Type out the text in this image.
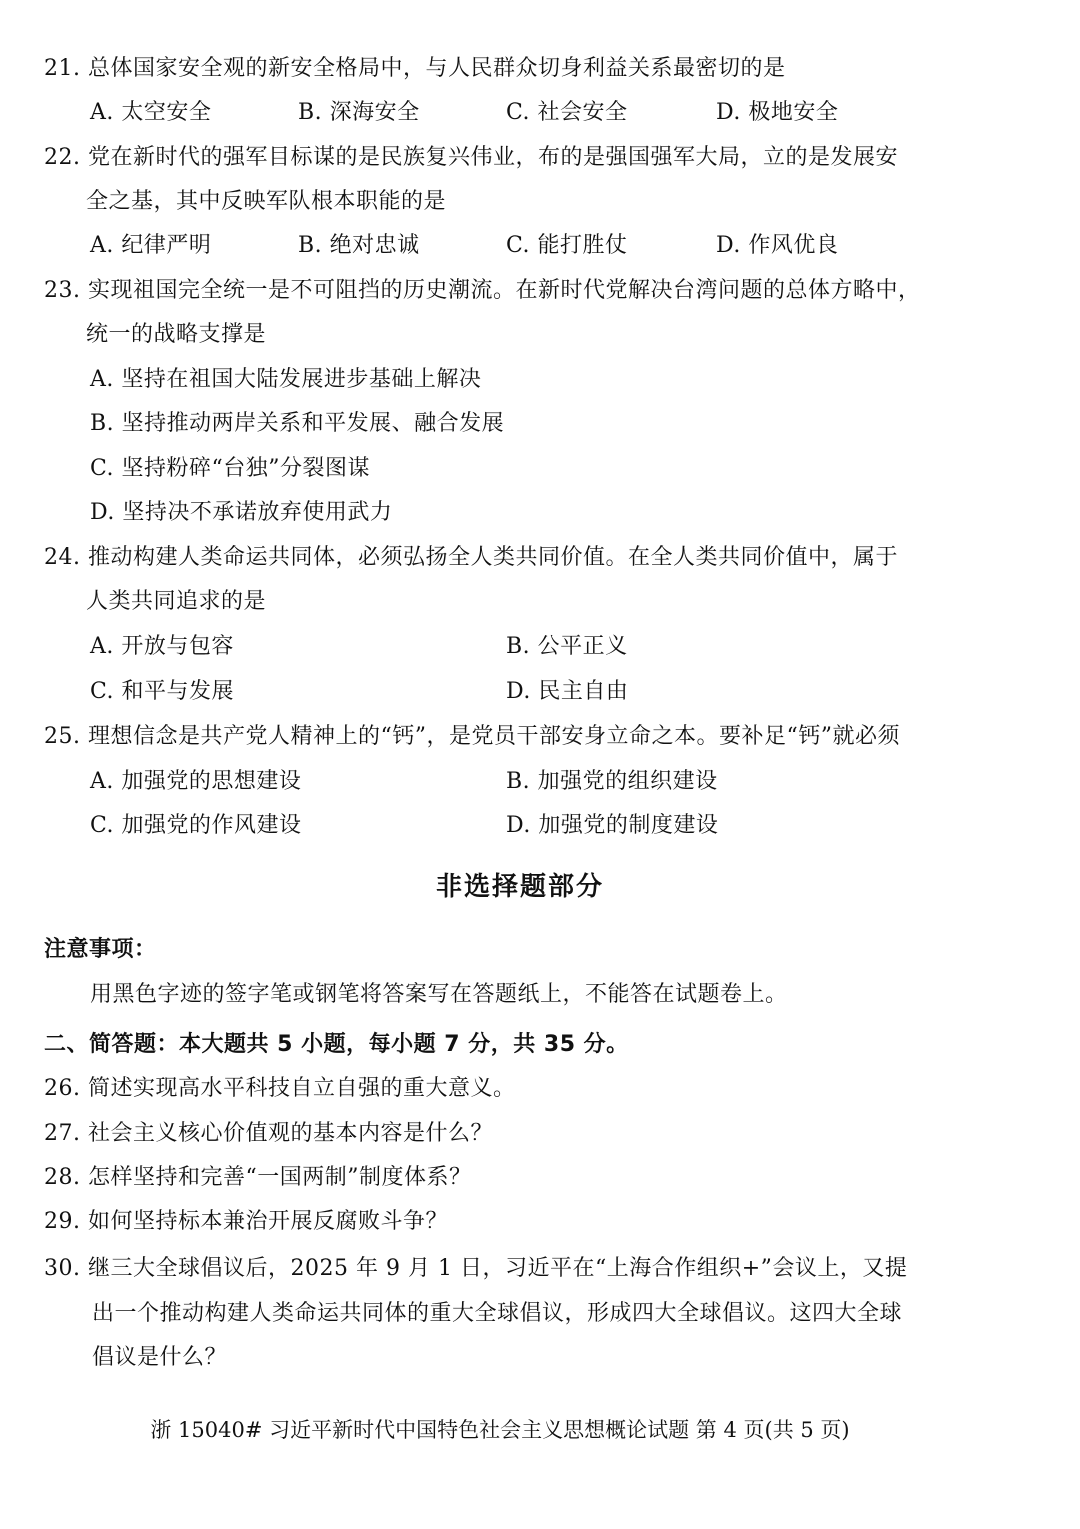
21. 总体国家安全观的新安全格局中，与人民群众切身利益关系最密切的是
A. 太空安全	B. 深海安全	C. 社会安全	D. 极地安全
22. 党在新时代的强军目标谋的是民族复兴伟业，布的是强国强军大局，立的是发展安
全之基，其中反映军队根本职能的是
A. 纪律严明	B. 绝对忠诚	C. 能打胜仗	D. 作风优良
23. 实现祖国完全统一是不可阻挡的历史潮流。在新时代党解决台湾问题的总体方略中，
统一的战略支撑是
A. 坚持在祖国大陆发展进步基础上解决
B. 坚持推动两岸关系和平发展、融合发展
C. 坚持粉碎“台独”分裂图谋
D. 坚持决不承诺放弃使用武力
24. 推动构建人类命运共同体，必须弘扬全人类共同价值。在全人类共同价值中，属于
人类共同追求的是
A. 开放与包容	B. 公平正义
C. 和平与发展	D. 民主自由
25. 理想信念是共产党人精神上的“钙”，是党员干部安身立命之本。要补足“钙”就必须
A. 加强党的思想建设	B. 加强党的组织建设
C. 加强党的作风建设	D. 加强党的制度建设
非选择题部分
注意事项：
用黑色字迹的签字笔或钢笔将答案写在答题纸上，不能答在试题卷上。
二、简答题：本大题共 5 小题，每小题 7 分，共 35 分。
26. 简述实现高水平科技自立自强的重大意义。
27. 社会主义核心价值观的基本内容是什么？
28. 怎样坚持和完善“一国两制”制度体系？
29. 如何坚持标本兼治开展反腐败斗争？
30. 继三大全球倡议后，2025 年 9 月 1 日，习近平在“上海合作组织+”会议上，又提
出一个推动构建人类命运共同体的重大全球倡议，形成四大全球倡议。这四大全球
倡议是什么？
浙 15040# 习近平新时代中国特色社会主义思想概论试题 第 4 页(共 5 页)
